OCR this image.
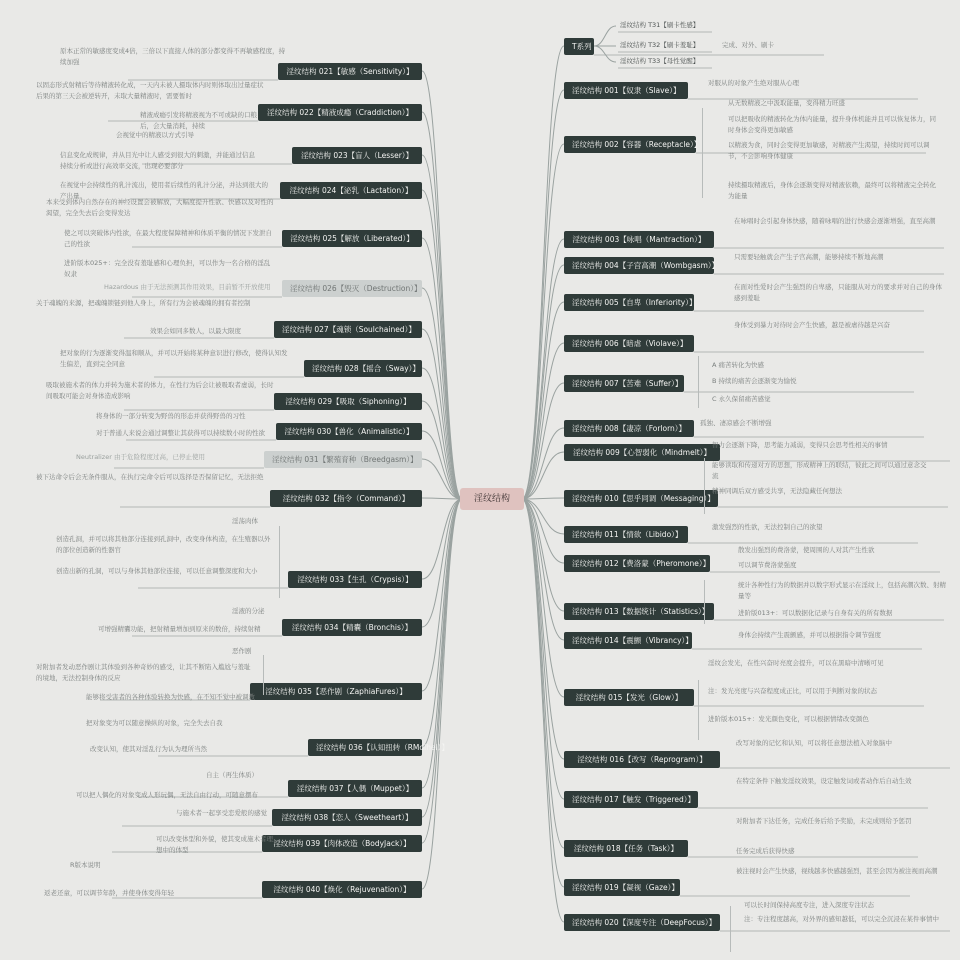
淫纹结构
淫纹结构 021【敏感（Sensitivity）】
淫纹结构 022【精液成瘾（Craddiction）】
淫纹结构 023【盲人（Lesser）】
淫纹结构 024【泌乳（Lactation）】
淫纹结构 025【解放（Liberated）】
淫纹结构 026【毁灭（Destruction）】
淫纹结构 027【魂锁（Soulchained）】
淫纹结构 028【摇合（Sway）】
淫纹结构 029【吸取（Siphoning）】
淫纹结构 030【兽化（Animalistic）】
淫纹结构 031【繁殖育种（Breedgasm）】
淫纹结构 032【指令（Command）】
淫纹结构 033【生孔（Crypsis）】
淫纹结构 034【精囊（Bronchis）】
淫纹结构 035【恶作剧（ZaphiaFures）】
淫纹结构 036【认知扭转（RMdlhel）】
淫纹结构 037【人偶（Muppet）】
淫纹结构 038【恋人（Sweetheart）】
淫纹结构 039【肉体改造（BodyJack）】
淫纹结构 040【焕化（Rejuvenation）】
T系列
淫纹结构 001【奴隶（Slave）】
淫纹结构 002【容器（Receptacle）】
淫纹结构 003【咏唱（Mantraction）】
淫纹结构 004【子宫高潮（Wombgasm）】
淫纹结构 005【自卑（Inferiority）】
淫纹结构 006【暗虐（Violave）】
淫纹结构 007【苦难（Suffer）】
淫纹结构 008【凄凉（Forlorn）】
淫纹结构 009【心智弱化（Mindmelt）】
淫纹结构 010【思乎同调（Messaging）】
淫纹结构 011【情欲（Libido）】
淫纹结构 012【费洛蒙（Pheromone）】
淫纹结构 013【数据统计（Statistics）】
淫纹结构 014【震颤（Vibrancy）】
淫纹结构 015【发光（Glow）】
淫纹结构 016【改写（Reprogram）】
淫纹结构 017【触发（Triggered）】
淫纹结构 018【任务（Task）】
淫纹结构 019【凝视（Gaze）】
淫纹结构 020【深度专注（DeepFocus）】
淫纹结构 T31【刷卡性感】
淫纹结构 T32【刷卡羞耻】
淫纹结构 T33【母性觉醒】
完成、对外、刷卡
原本正常的敏感度变成4倍，三倍以下直接人体的部分都变得不再敏感程度，持续加强
以固态形式射精后等待精液转化成，一天内未被人摄取体内时则体取出过量症状后果的第三天会被逆转开，未取大量精液时，需要暂时
精液成瘾引发将精液视为不可或缺的口粮后，会大量消耗，持续
会视觉中的精液以方式引导
信息变化成规律，并从目光中让人感受到很大的刺激，并能通过信息持续分析或进行高效率交流，出现必要部分
在视觉中会持续性的乳汁流出，使用者后续性的乳汁分泌，并达到很大的产出量。
本来受到体内自然存在的神经设置会被解放，大幅度提升性欲、快感以及对性的渴望，完全失去后会变得发达
使之可以突破体内性欲，在最大程度保障精神和体质平衡的情况下发泄自己的性欲
进阶版本025+：完全没有羞耻感和心理负担，可以作为一名合格的淫乱奴隶
Hazardous 由于无法预测其作用效果，目前暂不开放使用
关于魂魄的来源，把魂魄锁链到他人身上，所有行为会被魂魄的拥有者控制
效果会如同多数人，以最大限度
把对象的行为逐渐变得温和顺从，并可以开始将某种意识进行修改，使得认知发生偏差，直到完全同意
吸取被施术者的体力并转为施术者的体力，在性行为后会让被吸取者虚弱，长时间吸取可能会对身体造成影响
将身体的一部分转变为野兽的形态并获得野兽的习性
对于普通人来说会通过调整让其获得可以持续数小时的性欲
Neutralizer 由于危险程度过高，已停止使用
被下达命令后会无条件服从，在执行完命令后可以选择是否保留记忆，无法拒绝
淫荡肉体
创造孔洞，并可以将其他部分连接到孔洞中，改变身体构造，在生殖器以外的部位创造新的性器官
创造出新的孔洞，可以与身体其他部位连接，可以任意调整深度和大小
淫液的分泌
可增强精囊功能，把射精量增加到原来的数倍，持续射精
恶作剧
对附加者发动恶作剧让其体验到各种奇妙的感受，让其不断陷入尴尬与羞耻的境地，无法控制身体的反应
能够将受害者的各种体验转换为快感，在不知不觉中被调教
把对象变为可以随意操纵的对象，完全失去自我
改变认知，使其对淫乱行为认为理所当然
自主（再生体质）
可以把人偶化的对象变成人形玩偶，无法自由行动，可随意摆布
与施术者一起享受恋爱般的感觉
可以改变体型和外貌，使其变成施术者理想中的体型
R版本说明
返老还童，可以调节年龄，并使身体变得年轻
对服从的对象产生绝对服从心理
从无数精液之中汲取能量，变得精力旺盛
可以把吸收的精液转化为体内能量，提升身体机能并且可以恢复体力，同时身体会变得更加敏感
以精液为食，同时会变得更加敏感，对精液产生渴望，持续时间可以调节，不会影响身体健康
持续摄取精液后，身体会逐渐变得对精液依赖，最终可以将精液完全转化为能量
在咏唱时会引起身体快感，随着咏唱的进行快感会逐渐增强，直至高潮
只需要轻触就会产生子宫高潮，能够持续不断地高潮
在面对性爱时会产生强烈的自卑感，只能服从对方的要求并对自己的身体感到羞耻
身体受到暴力对待时会产生快感，越是被虐待越是兴奋
A 痛苦转化为快感
B 持续的痛苦会逐渐变为愉悦
C 永久保留痛苦感觉
孤独、凄凉感会不断增强
智力会逐渐下降，思考能力减弱，变得只会思考性相关的事情
能够读取和传递对方的思想，形成精神上的联结，彼此之间可以通过意念交流
精神同调后双方感受共享，无法隐藏任何想法
激发强烈的性欲，无法控制自己的欲望
散发出强烈的费洛蒙，使周围的人对其产生性欲
可以调节费洛蒙强度
统计各种性行为的数据并以数字形式显示在淫纹上，包括高潮次数、射精量等
进阶版013+：可以数据化记录与自身有关的所有数据
身体会持续产生震颤感，并可以根据指令调节强度
淫纹会发光，在性兴奋时亮度会提升，可以在黑暗中清晰可见
注：发光亮度与兴奋程度成正比，可以用于判断对象的状态
进阶版本015+：发光颜色变化，可以根据情绪改变颜色
改写对象的记忆和认知，可以将任意想法植入对象脑中
在特定条件下触发淫纹效果，设定触发词或者动作后自动生效
对附加者下达任务，完成任务后给予奖励，未完成则给予惩罚
任务完成后获得快感
被注视时会产生快感，视线越多快感越强烈，甚至会因为被注视而高潮
可以长时间保持高度专注，进入深度专注状态
注：专注程度越高，对外界的感知越低，可以完全沉浸在某件事情中
